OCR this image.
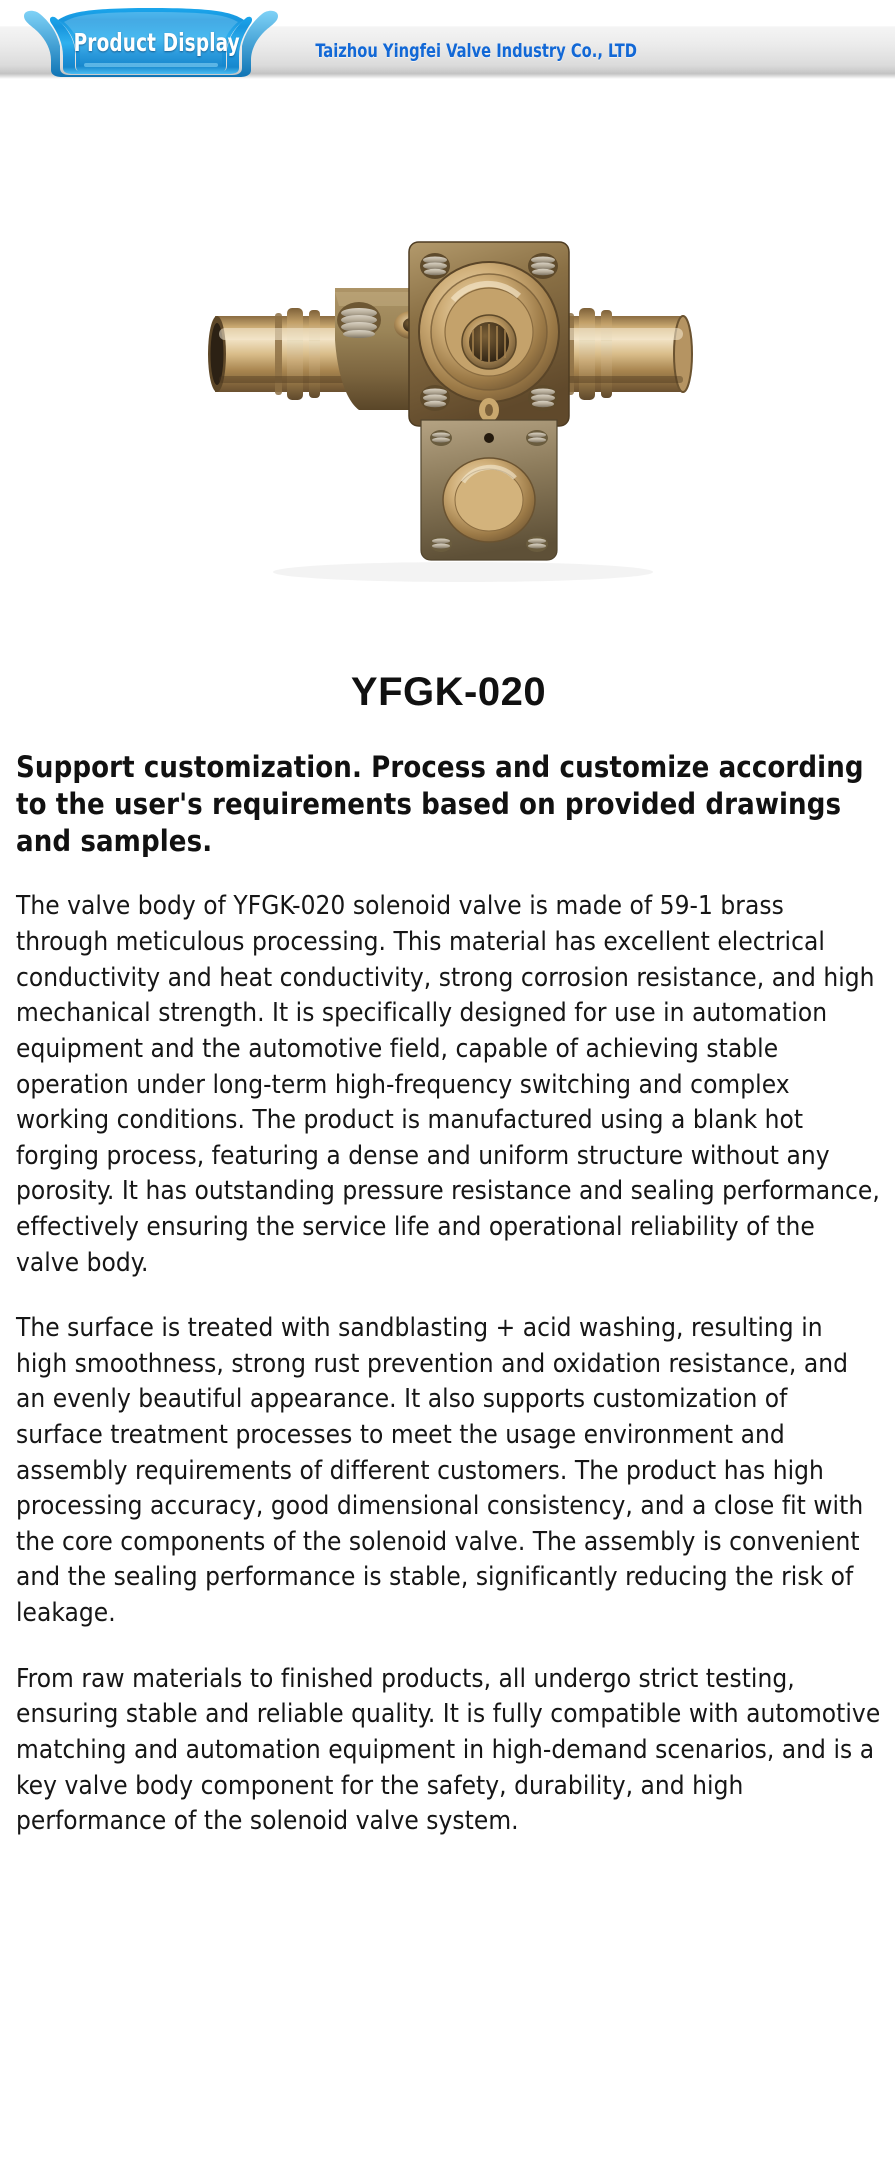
Product Display	Taizhou Yingfei Valve Industry Co., LTD
YFGK-020
Support customization. Process and customize according to the user's requirements based on provided drawings and samples.

The valve body of YFGK-020 solenoid valve is made of 59-1 brass through meticulous processing. This material has excellent electrical conductivity and heat conductivity, strong corrosion resistance, and high mechanical strength. It is specifically designed for use in automation equipment and the automotive field, capable of achieving stable operation under long-term high-frequency switching and complex working conditions. The product is manufactured using a blank hot forging process, featuring a dense and uniform structure without any porosity. It has outstanding pressure resistance and sealing performance, effectively ensuring the service life and operational reliability of the valve body.

The surface is treated with sandblasting + acid washing, resulting in high smoothness, strong rust prevention and oxidation resistance, and an evenly beautiful appearance. It also supports customization of surface treatment processes to meet the usage environment and assembly requirements of different customers. The product has high processing accuracy, good dimensional consistency, and a close fit with the core components of the solenoid valve. The assembly is convenient and the sealing performance is stable, significantly reducing the risk of leakage.

From raw materials to finished products, all undergo strict testing, ensuring stable and reliable quality. It is fully compatible with automotive matching and automation equipment in high-demand scenarios, and is a key valve body component for the safety, durability, and high performance of the solenoid valve system.
